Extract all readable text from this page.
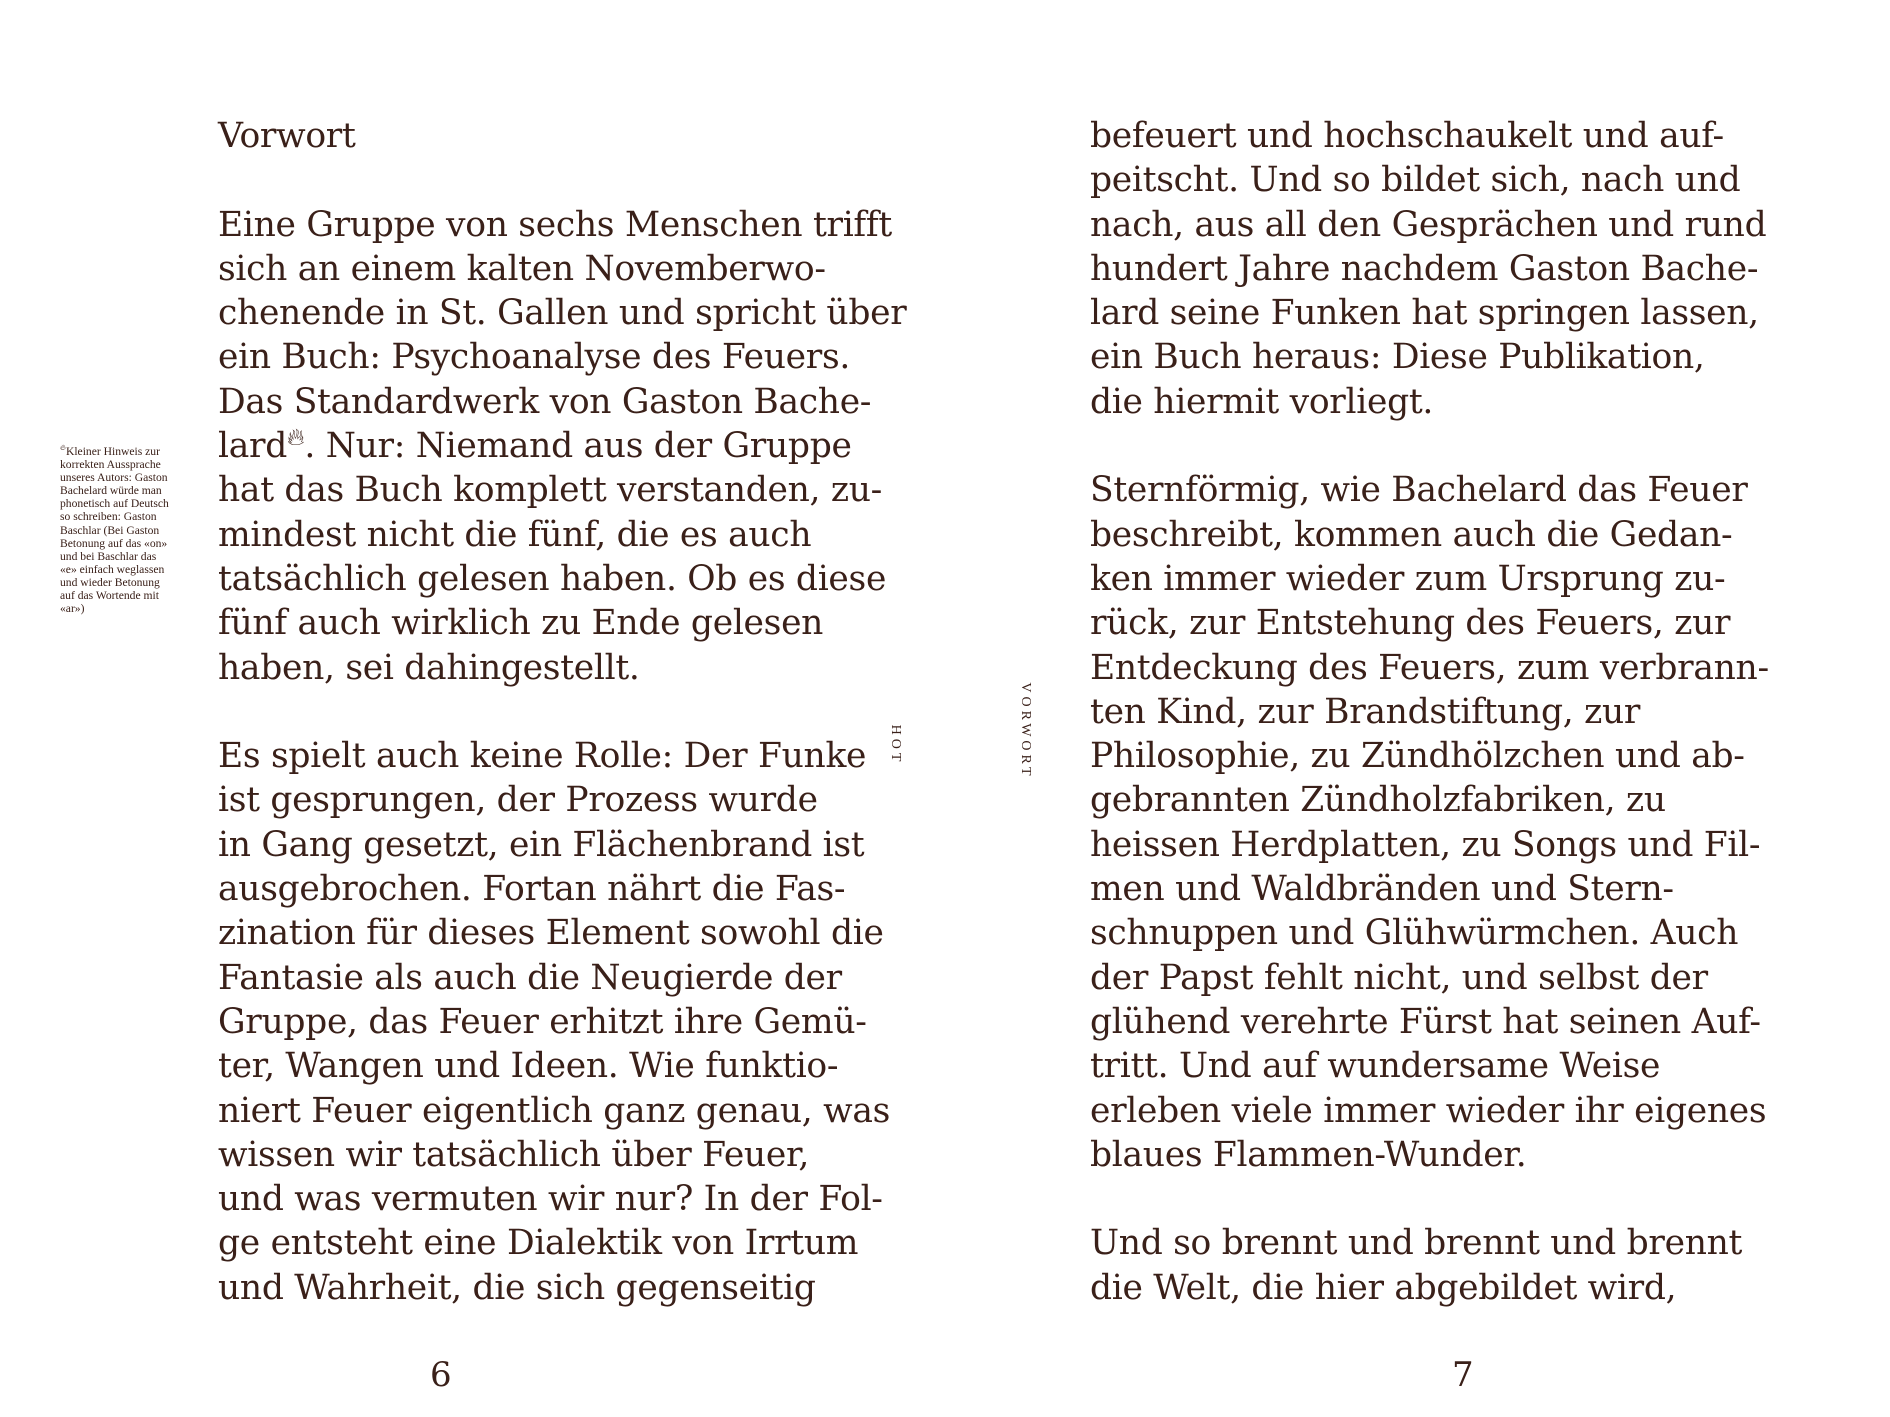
🔥︎Kleiner Hinweis zur
korrekten Aussprache
unseres Autors: Gaston
Bachelard würde man
phonetisch auf Deutsch
so schreiben: Gaston
Baschlar (Bei Gaston
Betonung auf das «on»
und bei Baschlar das
«e» einfach weglassen
und wieder Betonung
auf das Wortende mit
«ar»)
Vorwort
Eine Gruppe von sechs Menschen trifft
sich an einem kalten Novemberwo-
chenende in St. Gallen und spricht über
ein Buch: Psychoanalyse des Feuers.
Das Standardwerk von Gaston Bache-
lard🔥︎. Nur: Niemand aus der Gruppe
hat das Buch komplett verstanden, zu-
mindest nicht die fünf, die es auch
tatsächlich gelesen haben. Ob es diese
fünf auch wirklich zu Ende gelesen
haben, sei dahingestellt.
Es spielt auch keine Rolle: Der Funke
ist gesprungen, der Prozess wurde
in Gang gesetzt, ein Flächenbrand ist
ausgebrochen. Fortan nährt die Fas-
zination für dieses Element sowohl die
Fantasie als auch die Neugierde der
Gruppe, das Feuer erhitzt ihre Gemü-
ter, Wangen und Ideen. Wie funktio-
niert Feuer eigentlich ganz genau, was
wissen wir tatsächlich über Feuer,
und was vermuten wir nur? In der Fol-
ge entsteht eine Dialektik von Irrtum
und Wahrheit, die sich gegenseitig
HOT
6
VORWORT
befeuert und hochschaukelt und auf-
peitscht. Und so bildet sich, nach und
nach, aus all den Gesprächen und rund
hundert Jahre nachdem Gaston Bache-
lard seine Funken hat springen lassen,
ein Buch heraus: Diese Publikation,
die hiermit vorliegt.
Sternförmig, wie Bachelard das Feuer
beschreibt, kommen auch die Gedan-
ken immer wieder zum Ursprung zu-
rück, zur Entstehung des Feuers, zur
Entdeckung des Feuers, zum verbrann-
ten Kind, zur Brandstiftung, zur
Philosophie, zu Zündhölzchen und ab-
gebrannten Zündholzfabriken, zu
heissen Herdplatten, zu Songs und Fil-
men und Waldbränden und Stern-
schnuppen und Glühwürmchen. Auch
der Papst fehlt nicht, und selbst der
glühend verehrte Fürst hat seinen Auf-
tritt. Und auf wundersame Weise
erleben viele immer wieder ihr eigenes
blaues Flammen-Wunder.
Und so brennt und brennt und brennt
die Welt, die hier abgebildet wird,
7
